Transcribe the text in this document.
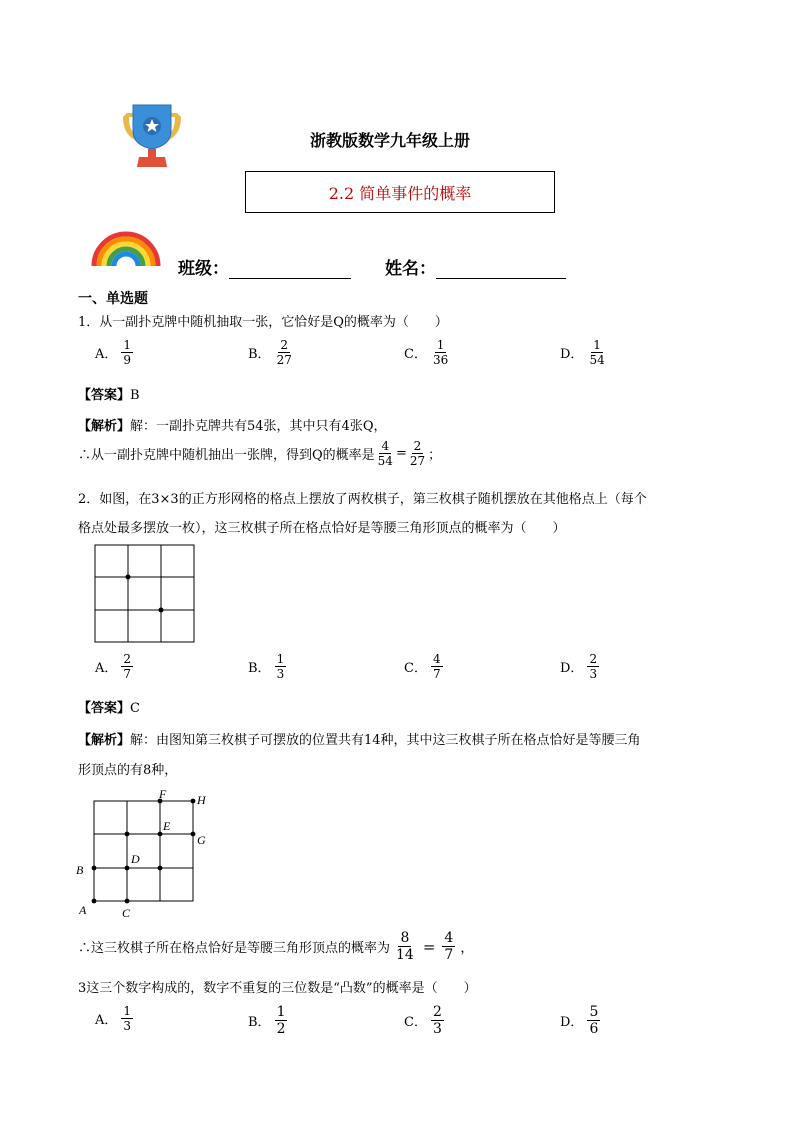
浙教版数学九年级上册
2.2 简单事件的概率
班级：	姓名：
一、单选题
1．从一副扑克牌中随机抽取一张，它恰好是Q的概率为（　　）
A． $\frac{1}{9}$	B． $\frac{2}{27}$	C． $\frac{1}{36}$	D． $\frac{1}{54}$
【答案】B
【解析】解：一副扑克牌共有54张，其中只有4张Q，
∴从一副扑克牌中随机抽出一张牌，得到Q的概率是 $\frac{4}{54} = \frac{2}{27}$ ；
2．如图，在3×3的正方形网格的格点上摆放了两枚棋子，第三枚棋子随机摆放在其他格点上（每个
格点处最多摆放一枚），这三枚棋子所在格点恰好是等腰三角形顶点的概率为（　　）
A． $\frac{2}{7}$	B． $\frac{1}{3}$	C． $\frac{4}{7}$	D． $\frac{2}{3}$
【答案】C
【解析】解：由图知第三枚棋子可摆放的位置共有14种，其中这三枚棋子所在格点恰好是等腰三角
形顶点的有8种，
A
B
C
D
E
F
G
H
∴这三枚棋子所在格点恰好是等腰三角形顶点的概率为 $\frac{8}{14} = \frac{4}{7}$ ，
3这三个数字构成的，数字不重复的三位数是“凸数”的概率是（　　）
A． $\frac{1}{3}$	B． $\frac{1}{2}$	C． $\frac{2}{3}$	D． $\frac{5}{6}$
